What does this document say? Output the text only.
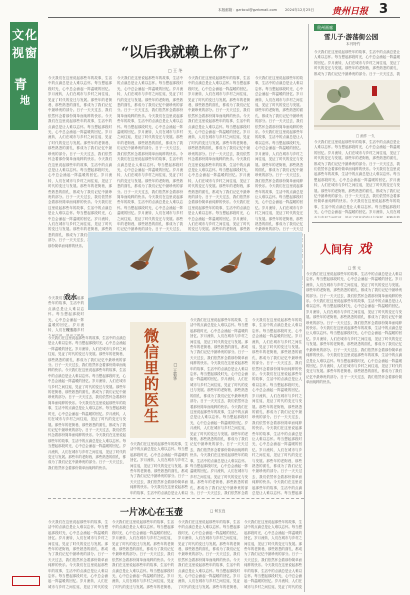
文化
视窗
青
地
本版邮箱：gzrbcul@gzrbmail.com 2024年12月25日 贵州日报 3
“以后我就赖上你了”
□ 王 冬
今天我们在这里说起那些年的故事，生活中的点滴总是让人难以忘怀。每当想起那段时光，心中总会涌起一阵温暖的回忆。岁月流转，人们在城市与乡村之间往返，见证了时代的变迁与发展。那些年的老街巷，那些熟悉的面孔，都成为了我们记忆中最珍贵的部分。日子一天天过去，我们依然怀念着那份简单而纯粹的快乐。今天我们在这里说起那些年的故事，生活中的点滴总是让人难以忘怀。每当想起那段时光，心中总会涌起一阵温暖的回忆。岁月流转，人们在城市与乡村之间往返，见证了时代的变迁与发展。那些年的老街巷，那些熟悉的面孔，都成为了我们记忆中最珍贵的部分。日子一天天过去，我们依然怀念着那份简单而纯粹的快乐。今天我们在这里说起那些年的故事，生活中的点滴总是让人难以忘怀。每当想起那段时光，心中总会涌起一阵温暖的回忆。岁月流转，人们在城市与乡村之间往返，见证了时代的变迁与发展。那些年的老街巷，那些熟悉的面孔，都成为了我们记忆中最珍贵的部分。日子一天天过去，我们依然怀念着那份简单而纯粹的快乐。今天我们在这里说起那些年的故事，生活中的点滴总是让人难以忘怀。每当想起那段时光，心中总会涌起一阵温暖的回忆。岁月流转，人们在城市与乡村之间往返，见证了时代的变迁与发展。那些年的老街巷，那些熟悉的面孔，都成为了我们记忆中最珍贵的部分。日子一天天过去，我们依然怀念着那份简单而纯粹的快乐。
今天我们在这里说起那些年的故事，生活中的点滴总是让人难以忘怀。每当想起那段时光，心中总会涌起一阵温暖的回忆。岁月流转，人们在城市与乡村之间往返，见证了时代的变迁与发展。那些年的老街巷，那些熟悉的面孔，都成为了我们记忆中最珍贵的部分。日子一天天过去，我们依然怀念着那份简单而纯粹的快乐。今天我们在这里说起那些年的故事，生活中的点滴总是让人难以忘怀。每当想起那段时光，心中总会涌起一阵温暖的回忆。岁月流转，人们在城市与乡村之间往返，见证了时代的变迁与发展。那些年的老街巷，那些熟悉的面孔，都成为了我们记忆中最珍贵的部分。日子一天天过去，我们依然怀念着那份简单而纯粹的快乐。今天我们在这里说起那些年的故事，生活中的点滴总是让人难以忘怀。每当想起那段时光，心中总会涌起一阵温暖的回忆。岁月流转，人们在城市与乡村之间往返，见证了时代的变迁与发展。那些年的老街巷，那些熟悉的面孔，都成为了我们记忆中最珍贵的部分。日子一天天过去，我们依然怀念着那份简单而纯粹的快乐。今天我们在这里说起那些年的故事，生活中的点滴总是让人难以忘怀。每当想起那段时光，心中总会涌起一阵温暖的回忆。岁月流转，人们在城市与乡村之间往返，见证了时代的变迁与发展。那些年的老街巷，那些熟悉的面孔，都成为了我们记忆中最珍贵的部分。日子一天天过去，我们依然怀念着那份简单而纯粹的快乐。
今天我们在这里说起那些年的故事，生活中的点滴总是让人难以忘怀。每当想起那段时光，心中总会涌起一阵温暖的回忆。岁月流转，人们在城市与乡村之间往返，见证了时代的变迁与发展。那些年的老街巷，那些熟悉的面孔，都成为了我们记忆中最珍贵的部分。日子一天天过去，我们依然怀念着那份简单而纯粹的快乐。今天我们在这里说起那些年的故事，生活中的点滴总是让人难以忘怀。每当想起那段时光，心中总会涌起一阵温暖的回忆。岁月流转，人们在城市与乡村之间往返，见证了时代的变迁与发展。那些年的老街巷，那些熟悉的面孔，都成为了我们记忆中最珍贵的部分。日子一天天过去，我们依然怀念着那份简单而纯粹的快乐。今天我们在这里说起那些年的故事，生活中的点滴总是让人难以忘怀。每当想起那段时光，心中总会涌起一阵温暖的回忆。岁月流转，人们在城市与乡村之间往返，见证了时代的变迁与发展。那些年的老街巷，那些熟悉的面孔，都成为了我们记忆中最珍贵的部分。日子一天天过去，我们依然怀念着那份简单而纯粹的快乐。今天我们在这里说起那些年的故事，生活中的点滴总是让人难以忘怀。每当想起那段时光，心中总会涌起一阵温暖的回忆。岁月流转，人们在城市与乡村之间往返，见证了时代的变迁与发展。那些年的老街巷，那些熟悉的面孔，都成为了我们记忆中最珍贵的部分。日子一天天过去，我们依然怀念着那份简单而纯粹的快乐。
今天我们在这里说起那些年的故事，生活中的点滴总是让人难以忘怀。每当想起那段时光，心中总会涌起一阵温暖的回忆。岁月流转，人们在城市与乡村之间往返，见证了时代的变迁与发展。那些年的老街巷，那些熟悉的面孔，都成为了我们记忆中最珍贵的部分。日子一天天过去，我们依然怀念着那份简单而纯粹的快乐。今天我们在这里说起那些年的故事，生活中的点滴总是让人难以忘怀。每当想起那段时光，心中总会涌起一阵温暖的回忆。岁月流转，人们在城市与乡村之间往返，见证了时代的变迁与发展。那些年的老街巷，那些熟悉的面孔，都成为了我们记忆中最珍贵的部分。日子一天天过去，我们依然怀念着那份简单而纯粹的快乐。今天我们在这里说起那些年的故事，生活中的点滴总是让人难以忘怀。每当想起那段时光，心中总会涌起一阵温暖的回忆。岁月流转，人们在城市与乡村之间往返，见证了时代的变迁与发展。那些年的老街巷，那些熟悉的面孔，都成为了我们记忆中最珍贵的部分。日子一天天过去，我们依然怀念着那份简单而纯粹的快乐。今天我们在这里说起那些年的故事，生活中的点滴总是让人难以忘怀。每当想起那段时光，心中总会涌起一阵温暖的回忆。岁月流转，人们在城市与乡村之间往返，见证了时代的变迁与发展。那些年的老街巷，那些熟悉的面孔，都成为了我们记忆中最珍贵的部分。日子一天天过去，我们依然怀念着那份简单而纯粹的快乐。
贵州画廊
雪儿子·游荡街公园
本刊特约
今天我们在这里说起那些年的故事，生活中的点滴总是让人难以忘怀。每当想起那段时光，心中总会涌起一阵温暖的回忆。岁月流转，人们在城市与乡村之间往返，见证了时代的变迁与发展。那些年的老街巷，那些熟悉的面孔，都成为了我们记忆中最珍贵的部分。日子一天天过去，我们依然怀念着那份简单而纯粹的快乐。今天我们在这里说起那些年的故事，生活中的点滴总是让人难以忘怀。每当想起那段时光，心中总会涌起一阵温暖的回忆。岁月流转，人们在城市与乡村之间往返，见证了时代的变迁与发展。那些年的老街巷，那些熟悉的面孔，都成为了我们记忆中最珍贵的部分。日子一天天过去，我们依然怀念着那份简单而纯粹的快乐。今天我们在这里说起那些年的故事，生活中的点滴总是让人难以忘怀。每当想起那段时光，心中总会涌起一阵温暖的回忆。岁月流转，人们在城市与乡村之间往返，见证了时代的变迁与发展。那些年的老街巷，那些熟悉的面孔，都成为了我们记忆中最珍贵的部分。日子一天天过去，我们依然怀念着那份简单而纯粹的快乐。今天我们在这里说起那些年的故事，生活中的点滴总是让人难以忘怀。每当想起那段时光，心中总会涌起一阵温暖的回忆。岁月流转，人们在城市与乡村之间往返，见证了时代的变迁与发展。那些年的老街巷，那些熟悉的面孔，都成为了我们记忆中最珍贵的部分。日子一天天过去，我们依然怀念着那份简单而纯粹的快乐。
□ 画作 一九
今天我们在这里说起那些年的故事，生活中的点滴总是让人难以忘怀。每当想起那段时光，心中总会涌起一阵温暖的回忆。岁月流转，人们在城市与乡村之间往返，见证了时代的变迁与发展。那些年的老街巷，那些熟悉的面孔，都成为了我们记忆中最珍贵的部分。日子一天天过去，我们依然怀念着那份简单而纯粹的快乐。今天我们在这里说起那些年的故事，生活中的点滴总是让人难以忘怀。每当想起那段时光，心中总会涌起一阵温暖的回忆。岁月流转，人们在城市与乡村之间往返，见证了时代的变迁与发展。那些年的老街巷，那些熟悉的面孔，都成为了我们记忆中最珍贵的部分。日子一天天过去，我们依然怀念着那份简单而纯粹的快乐。今天我们在这里说起那些年的故事，生活中的点滴总是让人难以忘怀。每当想起那段时光，心中总会涌起一阵温暖的回忆。岁月流转，人们在城市与乡村之间往返，见证了时代的变迁与发展。那些年的老街巷，那些熟悉的面孔，都成为了我们记忆中最珍贵的部分。日子一天天过去，我们依然怀念着那份简单而纯粹的快乐。今天我们在这里说起那些年的故事，生活中的点滴总是让人难以忘怀。每当想起那段时光，心中总会涌起一阵温暖的回忆。岁月流转，人们在城市与乡村之间往返，见证了时代的变迁与发展。那些年的老街巷，那些熟悉的面孔，都成为了我们记忆中最珍贵的部分。日子一天天过去，我们依然怀念着那份简单而纯粹的快乐。
戏水
程玉洁
今天我们在这里说起那些年的故事，生活中的点滴总是让人难以忘怀。每当想起那段时光，心中总会涌起一阵温暖的回忆。岁月流转，人们在城市与乡村之间往返，见证了时代的变迁与发展。那些年的老街巷，那些熟悉的面孔，都成为了我们记忆中最珍贵的部分。日子一天天过去，我们依然怀念着那份简单而纯粹的快乐。今天我们在这里说起那些年的故事，生活中的点滴总是让人难以忘怀。每当想起那段时光，心中总会涌起一阵温暖的回忆。岁月流转，人们在城市与乡村之间往返，见证了时代的变迁与发展。那些年的老街巷，那些熟悉的面孔，都成为了我们记忆中最珍贵的部分。日子一天天过去，我们依然怀念着那份简单而纯粹的快乐。今天我们在这里说起那些年的故事，生活中的点滴总是让人难以忘怀。每当想起那段时光，心中总会涌起一阵温暖的回忆。岁月流转，人们在城市与乡村之间往返，见证了时代的变迁与发展。那些年的老街巷，那些熟悉的面孔，都成为了我们记忆中最珍贵的部分。日子一天天过去，我们依然怀念着那份简单而纯粹的快乐。今天我们在这里说起那些年的故事，生活中的点滴总是让人难以忘怀。每当想起那段时光，心中总会涌起一阵温暖的回忆。岁月流转，人们在城市与乡村之间往返，见证了时代的变迁与发展。那些年的老街巷，那些熟悉的面孔，都成为了我们记忆中最珍贵的部分。日子一天天过去，我们依然怀念着那份简单而纯粹的快乐。
人间有 戏
□ 张 元
今天我们在这里说起那些年的故事，生活中的点滴总是让人难以忘怀。每当想起那段时光，心中总会涌起一阵温暖的回忆。岁月流转，人们在城市与乡村之间往返，见证了时代的变迁与发展。那些年的老街巷，那些熟悉的面孔，都成为了我们记忆中最珍贵的部分。日子一天天过去，我们依然怀念着那份简单而纯粹的快乐。今天我们在这里说起那些年的故事，生活中的点滴总是让人难以忘怀。每当想起那段时光，心中总会涌起一阵温暖的回忆。岁月流转，人们在城市与乡村之间往返，见证了时代的变迁与发展。那些年的老街巷，那些熟悉的面孔，都成为了我们记忆中最珍贵的部分。日子一天天过去，我们依然怀念着那份简单而纯粹的快乐。今天我们在这里说起那些年的故事，生活中的点滴总是让人难以忘怀。每当想起那段时光，心中总会涌起一阵温暖的回忆。岁月流转，人们在城市与乡村之间往返，见证了时代的变迁与发展。那些年的老街巷，那些熟悉的面孔，都成为了我们记忆中最珍贵的部分。日子一天天过去，我们依然怀念着那份简单而纯粹的快乐。今天我们在这里说起那些年的故事，生活中的点滴总是让人难以忘怀。每当想起那段时光，心中总会涌起一阵温暖的回忆。岁月流转，人们在城市与乡村之间往返，见证了时代的变迁与发展。那些年的老街巷，那些熟悉的面孔，都成为了我们记忆中最珍贵的部分。日子一天天过去，我们依然怀念着那份简单而纯粹的快乐。
今天我们在这里说起那些年的故事，生活中的点滴总是让人难以忘怀。每当想起那段时光，心中总会涌起一阵温暖的回忆。岁月流转，人们在城市与乡村之间往返，见证了时代的变迁与发展。那些年的老街巷，那些熟悉的面孔，都成为了我们记忆中最珍贵的部分。日子一天天过去，我们依然怀念着那份简单而纯粹的快乐。今天我们在这里说起那些年的故事，生活中的点滴总是让人难以忘怀。每当想起那段时光，心中总会涌起一阵温暖的回忆。岁月流转，人们在城市与乡村之间往返，见证了时代的变迁与发展。那些年的老街巷，那些熟悉的面孔，都成为了我们记忆中最珍贵的部分。日子一天天过去，我们依然怀念着那份简单而纯粹的快乐。今天我们在这里说起那些年的故事，生活中的点滴总是让人难以忘怀。每当想起那段时光，心中总会涌起一阵温暖的回忆。岁月流转，人们在城市与乡村之间往返，见证了时代的变迁与发展。那些年的老街巷，那些熟悉的面孔，都成为了我们记忆中最珍贵的部分。日子一天天过去，我们依然怀念着那份简单而纯粹的快乐。今天我们在这里说起那些年的故事，生活中的点滴总是让人难以忘怀。每当想起那段时光，心中总会涌起一阵温暖的回忆。岁月流转，人们在城市与乡村之间往返，见证了时代的变迁与发展。那些年的老街巷，那些熟悉的面孔，都成为了我们记忆中最珍贵的部分。日子一天天过去，我们依然怀念着那份简单而纯粹的快乐。
今天我们在这里说起那些年的故事，生活中的点滴总是让人难以忘怀。每当想起那段时光，心中总会涌起一阵温暖的回忆。岁月流转，人们在城市与乡村之间往返，见证了时代的变迁与发展。那些年的老街巷，那些熟悉的面孔，都成为了我们记忆中最珍贵的部分。日子一天天过去，我们依然怀念着那份简单而纯粹的快乐。今天我们在这里说起那些年的故事，生活中的点滴总是让人难以忘怀。每当想起那段时光，心中总会涌起一阵温暖的回忆。岁月流转，人们在城市与乡村之间往返，见证了时代的变迁与发展。那些年的老街巷，那些熟悉的面孔，都成为了我们记忆中最珍贵的部分。日子一天天过去，我们依然怀念着那份简单而纯粹的快乐。今天我们在这里说起那些年的故事，生活中的点滴总是让人难以忘怀。每当想起那段时光，心中总会涌起一阵温暖的回忆。岁月流转，人们在城市与乡村之间往返，见证了时代的变迁与发展。那些年的老街巷，那些熟悉的面孔，都成为了我们记忆中最珍贵的部分。日子一天天过去，我们依然怀念着那份简单而纯粹的快乐。今天我们在这里说起那些年的故事，生活中的点滴总是让人难以忘怀。每当想起那段时光，心中总会涌起一阵温暖的回忆。岁月流转，人们在城市与乡村之间往返，见证了时代的变迁与发展。那些年的老街巷，那些熟悉的面孔，都成为了我们记忆中最珍贵的部分。日子一天天过去，我们依然怀念着那份简单而纯粹的快乐。
今天我们在这里说起那些年的故事，生活中的点滴总是让人难以忘怀。每当想起那段时光，心中总会涌起一阵温暖的回忆。岁月流转，人们在城市与乡村之间往返，见证了时代的变迁与发展。那些年的老街巷，那些熟悉的面孔，都成为了我们记忆中最珍贵的部分。日子一天天过去，我们依然怀念着那份简单而纯粹的快乐。今天我们在这里说起那些年的故事，生活中的点滴总是让人难以忘怀。每当想起那段时光，心中总会涌起一阵温暖的回忆。岁月流转，人们在城市与乡村之间往返，见证了时代的变迁与发展。那些年的老街巷，那些熟悉的面孔，都成为了我们记忆中最珍贵的部分。日子一天天过去，我们依然怀念着那份简单而纯粹的快乐。今天我们在这里说起那些年的故事，生活中的点滴总是让人难以忘怀。每当想起那段时光，心中总会涌起一阵温暖的回忆。岁月流转，人们在城市与乡村之间往返，见证了时代的变迁与发展。那些年的老街巷，那些熟悉的面孔，都成为了我们记忆中最珍贵的部分。日子一天天过去，我们依然怀念着那份简单而纯粹的快乐。今天我们在这里说起那些年的故事，生活中的点滴总是让人难以忘怀。每当想起那段时光，心中总会涌起一阵温暖的回忆。岁月流转，人们在城市与乡村之间往返，见证了时代的变迁与发展。那些年的老街巷，那些熟悉的面孔，都成为了我们记忆中最珍贵的部分。日子一天天过去，我们依然怀念着那份简单而纯粹的快乐。
微信里的医生	□ 王菊华
今天我们在这里说起那些年的故事，生活中的点滴总是让人难以忘怀。每当想起那段时光，心中总会涌起一阵温暖的回忆。岁月流转，人们在城市与乡村之间往返，见证了时代的变迁与发展。那些年的老街巷，那些熟悉的面孔，都成为了我们记忆中最珍贵的部分。日子一天天过去，我们依然怀念着那份简单而纯粹的快乐。今天我们在这里说起那些年的故事，生活中的点滴总是让人难以忘怀。每当想起那段时光，心中总会涌起一阵温暖的回忆。岁月流转，人们在城市与乡村之间往返，见证了时代的变迁与发展。那些年的老街巷，那些熟悉的面孔，都成为了我们记忆中最珍贵的部分。日子一天天过去，我们依然怀念着那份简单而纯粹的快乐。今天我们在这里说起那些年的故事，生活中的点滴总是让人难以忘怀。每当想起那段时光，心中总会涌起一阵温暖的回忆。岁月流转，人们在城市与乡村之间往返，见证了时代的变迁与发展。那些年的老街巷，那些熟悉的面孔，都成为了我们记忆中最珍贵的部分。日子一天天过去，我们依然怀念着那份简单而纯粹的快乐。今天我们在这里说起那些年的故事，生活中的点滴总是让人难以忘怀。每当想起那段时光，心中总会涌起一阵温暖的回忆。岁月流转，人们在城市与乡村之间往返，见证了时代的变迁与发展。那些年的老街巷，那些熟悉的面孔，都成为了我们记忆中最珍贵的部分。日子一天天过去，我们依然怀念着那份简单而纯粹的快乐。
一片冰心在玉壶	□ 何玉良
今天我们在这里说起那些年的故事，生活中的点滴总是让人难以忘怀。每当想起那段时光，心中总会涌起一阵温暖的回忆。岁月流转，人们在城市与乡村之间往返，见证了时代的变迁与发展。那些年的老街巷，那些熟悉的面孔，都成为了我们记忆中最珍贵的部分。日子一天天过去，我们依然怀念着那份简单而纯粹的快乐。今天我们在这里说起那些年的故事，生活中的点滴总是让人难以忘怀。每当想起那段时光，心中总会涌起一阵温暖的回忆。岁月流转，人们在城市与乡村之间往返，见证了时代的变迁与发展。那些年的老街巷，那些熟悉的面孔，都成为了我们记忆中最珍贵的部分。日子一天天过去，我们依然怀念着那份简单而纯粹的快乐。今天我们在这里说起那些年的故事，生活中的点滴总是让人难以忘怀。每当想起那段时光，心中总会涌起一阵温暖的回忆。岁月流转，人们在城市与乡村之间往返，见证了时代的变迁与发展。那些年的老街巷，那些熟悉的面孔，都成为了我们记忆中最珍贵的部分。日子一天天过去，我们依然怀念着那份简单而纯粹的快乐。今天我们在这里说起那些年的故事，生活中的点滴总是让人难以忘怀。每当想起那段时光，心中总会涌起一阵温暖的回忆。岁月流转，人们在城市与乡村之间往返，见证了时代的变迁与发展。那些年的老街巷，那些熟悉的面孔，都成为了我们记忆中最珍贵的部分。日子一天天过去，我们依然怀念着那份简单而纯粹的快乐。
今天我们在这里说起那些年的故事，生活中的点滴总是让人难以忘怀。每当想起那段时光，心中总会涌起一阵温暖的回忆。岁月流转，人们在城市与乡村之间往返，见证了时代的变迁与发展。那些年的老街巷，那些熟悉的面孔，都成为了我们记忆中最珍贵的部分。日子一天天过去，我们依然怀念着那份简单而纯粹的快乐。今天我们在这里说起那些年的故事，生活中的点滴总是让人难以忘怀。每当想起那段时光，心中总会涌起一阵温暖的回忆。岁月流转，人们在城市与乡村之间往返，见证了时代的变迁与发展。那些年的老街巷，那些熟悉的面孔，都成为了我们记忆中最珍贵的部分。日子一天天过去，我们依然怀念着那份简单而纯粹的快乐。今天我们在这里说起那些年的故事，生活中的点滴总是让人难以忘怀。每当想起那段时光，心中总会涌起一阵温暖的回忆。岁月流转，人们在城市与乡村之间往返，见证了时代的变迁与发展。那些年的老街巷，那些熟悉的面孔，都成为了我们记忆中最珍贵的部分。日子一天天过去，我们依然怀念着那份简单而纯粹的快乐。今天我们在这里说起那些年的故事，生活中的点滴总是让人难以忘怀。每当想起那段时光，心中总会涌起一阵温暖的回忆。岁月流转，人们在城市与乡村之间往返，见证了时代的变迁与发展。那些年的老街巷，那些熟悉的面孔，都成为了我们记忆中最珍贵的部分。日子一天天过去，我们依然怀念着那份简单而纯粹的快乐。
今天我们在这里说起那些年的故事，生活中的点滴总是让人难以忘怀。每当想起那段时光，心中总会涌起一阵温暖的回忆。岁月流转，人们在城市与乡村之间往返，见证了时代的变迁与发展。那些年的老街巷，那些熟悉的面孔，都成为了我们记忆中最珍贵的部分。日子一天天过去，我们依然怀念着那份简单而纯粹的快乐。今天我们在这里说起那些年的故事，生活中的点滴总是让人难以忘怀。每当想起那段时光，心中总会涌起一阵温暖的回忆。岁月流转，人们在城市与乡村之间往返，见证了时代的变迁与发展。那些年的老街巷，那些熟悉的面孔，都成为了我们记忆中最珍贵的部分。日子一天天过去，我们依然怀念着那份简单而纯粹的快乐。今天我们在这里说起那些年的故事，生活中的点滴总是让人难以忘怀。每当想起那段时光，心中总会涌起一阵温暖的回忆。岁月流转，人们在城市与乡村之间往返，见证了时代的变迁与发展。那些年的老街巷，那些熟悉的面孔，都成为了我们记忆中最珍贵的部分。日子一天天过去，我们依然怀念着那份简单而纯粹的快乐。今天我们在这里说起那些年的故事，生活中的点滴总是让人难以忘怀。每当想起那段时光，心中总会涌起一阵温暖的回忆。岁月流转，人们在城市与乡村之间往返，见证了时代的变迁与发展。那些年的老街巷，那些熟悉的面孔，都成为了我们记忆中最珍贵的部分。日子一天天过去，我们依然怀念着那份简单而纯粹的快乐。
今天我们在这里说起那些年的故事，生活中的点滴总是让人难以忘怀。每当想起那段时光，心中总会涌起一阵温暖的回忆。岁月流转，人们在城市与乡村之间往返，见证了时代的变迁与发展。那些年的老街巷，那些熟悉的面孔，都成为了我们记忆中最珍贵的部分。日子一天天过去，我们依然怀念着那份简单而纯粹的快乐。今天我们在这里说起那些年的故事，生活中的点滴总是让人难以忘怀。每当想起那段时光，心中总会涌起一阵温暖的回忆。岁月流转，人们在城市与乡村之间往返，见证了时代的变迁与发展。那些年的老街巷，那些熟悉的面孔，都成为了我们记忆中最珍贵的部分。日子一天天过去，我们依然怀念着那份简单而纯粹的快乐。今天我们在这里说起那些年的故事，生活中的点滴总是让人难以忘怀。每当想起那段时光，心中总会涌起一阵温暖的回忆。岁月流转，人们在城市与乡村之间往返，见证了时代的变迁与发展。那些年的老街巷，那些熟悉的面孔，都成为了我们记忆中最珍贵的部分。日子一天天过去，我们依然怀念着那份简单而纯粹的快乐。今天我们在这里说起那些年的故事，生活中的点滴总是让人难以忘怀。每当想起那段时光，心中总会涌起一阵温暖的回忆。岁月流转，人们在城市与乡村之间往返，见证了时代的变迁与发展。那些年的老街巷，那些熟悉的面孔，都成为了我们记忆中最珍贵的部分。日子一天天过去，我们依然怀念着那份简单而纯粹的快乐。
